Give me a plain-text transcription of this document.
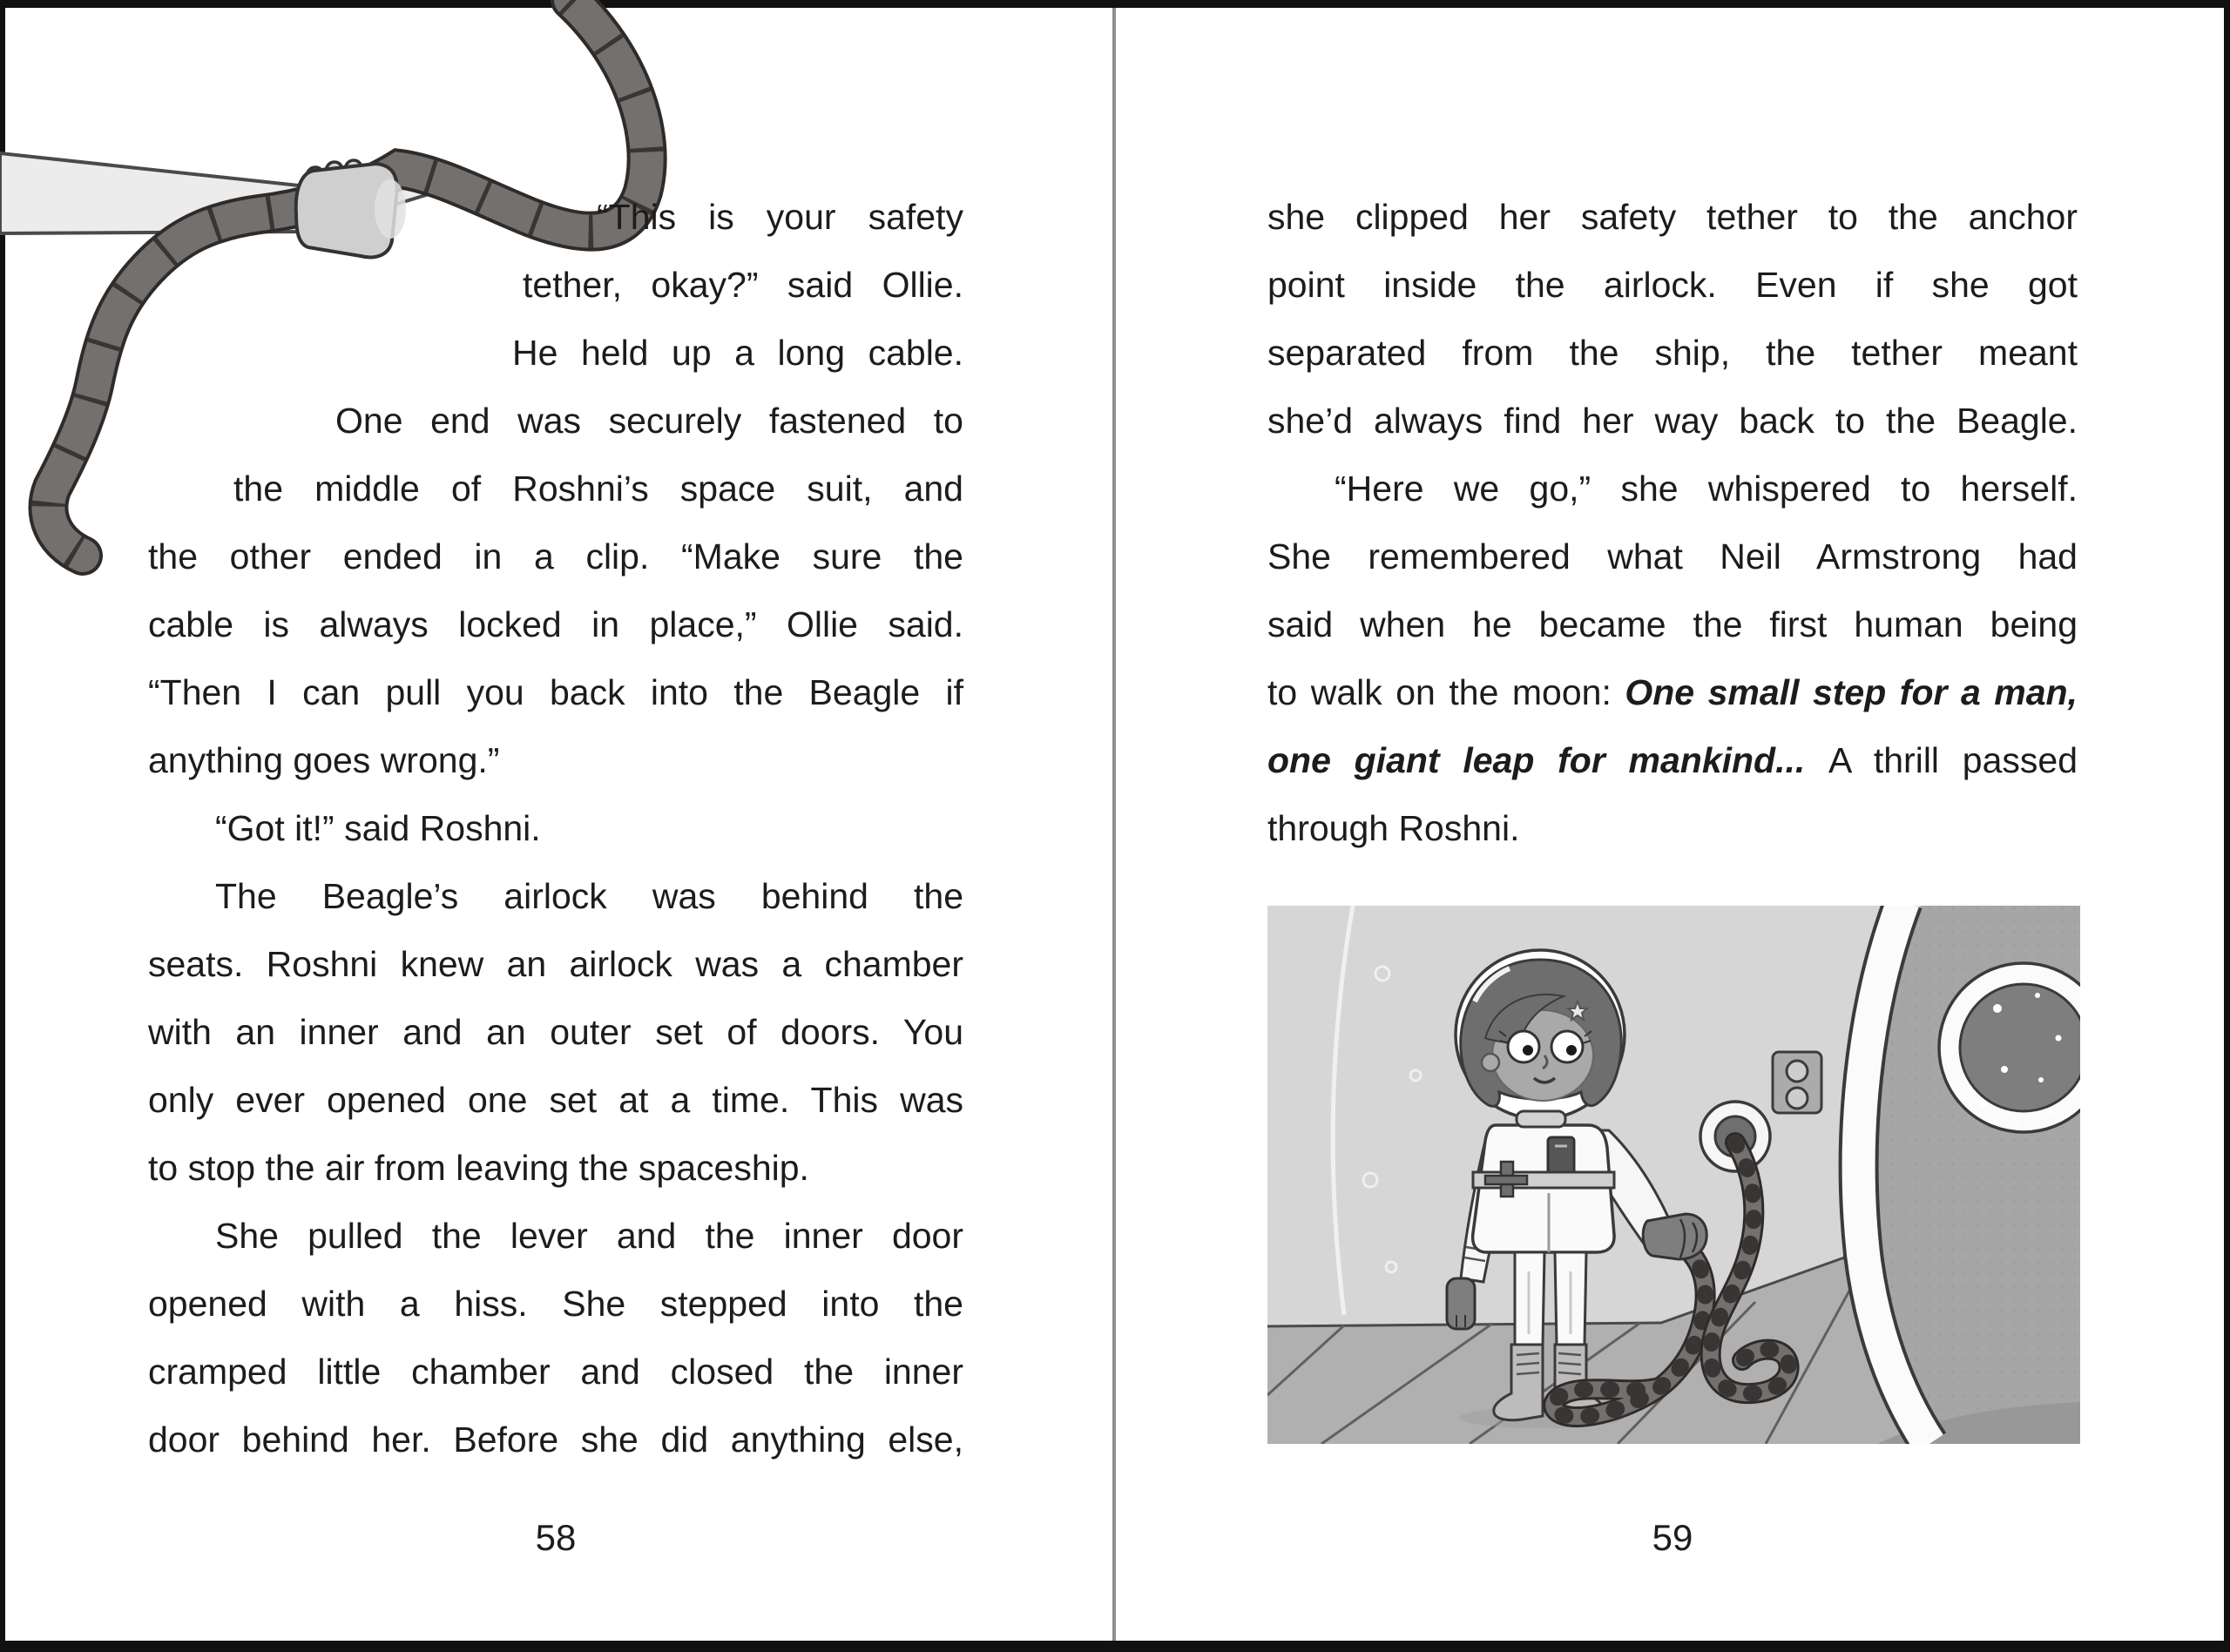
“This is your safety
tether, okay?” said Ollie.
He held up a long cable.
One end was securely fastened to
the middle of Roshni’s space suit, and
the other ended in a clip. “Make sure the
cable is always locked in place,” Ollie said.
“Then I can pull you back into the Beagle if
anything goes wrong.”
“Got it!” said Roshni.
The Beagle’s airlock was behind the
seats. Roshni knew an airlock was a chamber
with an inner and an outer set of doors. You
only ever opened one set at a time. This was
to stop the air from leaving the spaceship.
She pulled the lever and the inner door
opened with a hiss. She stepped into the
cramped little chamber and closed the inner
door behind her. Before she did anything else,
58
she clipped her safety tether to the anchor
point inside the airlock. Even if she got
separated from the ship, the tether meant
she’d always find her way back to the Beagle.
“Here we go,” she whispered to herself.
She remembered what Neil Armstrong had
said when he became the first human being
to walk on the moon: One small step for a man,
one giant leap for mankind... A thrill passed
through Roshni.
59
